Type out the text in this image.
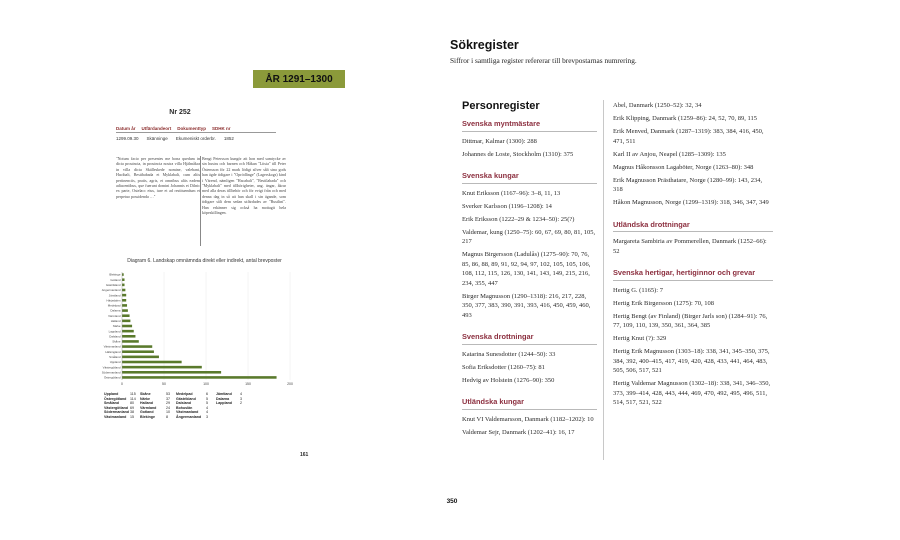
ÅR 1291–1300
Nr 252
Datum år Utfärdandeort Dokumenttyp SDHK nr
1299.09.30 Skänninge Ekumeniskt orderbr. 1852
"Notum facio per presentes me bona quedam in dicta prouincia, in prouincia nostra villa Hjälmåkra in villa dicta Skälleskede nomine, valebant, Hacibalt, Bestibabada et Myklabalt, cum aliis pertinenciis, pratis, agris, et omnibus aliis eadem adiacentibus, que fuerunt domini Johannis et Dilnic ex parte, Ostelacc eius, iure et ad restituendum et perpetuo possidenda …"
Bengt Petersson kungör att hon med samtycke av sin hustru och barnen och Håkan "Litsia" till Peter Östensson för 22 mark lödigt silver sålt sina gods han ägde tidigare i "Oprödlinge" (Lagerskogs) kind i Värend, nämligen "Hacabalt", "Bestilabada" och "Myklabalt" med tillhörigheter, ang. ängar, åkrar med alla deras tillbehör och för evigt från och med denna dag in så att han skall i sin ägande, som tidigare sålt dem sedan utfärdades av "Rustlini". Han erkänner sig också ha mottagit hela köpeskillingen.
Diagram 6. Landskap omnämnda direkt eller indirekt, antal brevposter
0	50	100	150	200
Blekinge
Gotland
Gästrikland
Angermanland
Jämtland
Härjedalen
Medelpad
Dalarna
Värmland
Halland
Närke
Lappland
Dalsland
Skåne
Västmanland
Hälsingland
Småland
Uppland
Västergötland
Södermanland
Östergötland
Uppland	115	Skåne	53	Medelpad	6	Jämtland	4
Östergötland	114	Närke	37	Gästrikland	5	Dalarna	3
Småland	80	Halland	29	Dalsland	5	Lappland	2
Västergötland 69	Värmland	24	Bohuslän	4
Södermanland 38	Gotland	10	Västmanland	4
Västmanland	15	Blekinge	8	Ångermanland	3
161
Sökregister
Siffror i samtliga register refererar till brevpostarnas numrering.
Personregister
Svenska myntmästare
Dittmar, Kalmar (1300): 288
Johannes de Loste, Stockholm (1310): 375
Svenska kungar
Knut Eriksson (1167–96): 3–8, 11, 13
Sverker Karlsson (1196–1208): 14
Erik Eriksson (1222–29 & 1234–50): 25(?)
Valdemar, kung (1250–75): 60, 67, 69, 80, 81, 105, 217
Magnus Birgersson (Ladulås) (1275–90): 70, 76, 85, 86, 88, 89, 91, 92, 94, 97, 102, 105, 105, 106, 108, 112, 115, 126, 130, 141, 143, 149, 215, 216, 234, 355, 447
Birger Magnusson (1290–1318): 216, 217, 228, 350, 377, 383, 390, 391, 393, 416, 450, 459, 460, 493
Svenska drottningar
Katarina Sunesdotter (1244–50): 33
Sofia Eriksdotter (1260–75): 81
Hedvig av Holstein (1276–90): 350
Utländska kungar
Knut VI Valdemarsson, Danmark (1182–1202): 10
Valdemar Sejr, Danmark (1202–41): 16, 17
Abel, Danmark (1250–52): 32, 34
Erik Klipping, Danmark (1259–86): 24, 52, 70, 89, 115
Erik Menved, Danmark (1287–1319): 383, 384, 416, 450, 471, 511
Karl II av Anjou, Neapel (1285–1309): 135
Magnus Håkonsson Lagaböter, Norge (1263–80): 348
Erik Magnusson Prästhatare, Norge (1280–99): 143, 234, 318
Håkon Magnusson, Norge (1299–1319): 318, 346, 347, 349
Utländska drottningar
Margareta Sambiria av Pommerellen, Danmark (1252–66): 52
Svenska hertigar, hertiginnor och grevar
Hertig G. (1165): 7
Hertig Erik Birgersson (1275): 70, 108
Hertig Bengt (av Finland) (Birger Jarls son) (1284–91): 76, 77, 109, 110, 139, 350, 361, 364, 385
Hertig Knut (?): 329
Hertig Erik Magnusson (1303–18): 338, 341, 345–350, 375, 384, 392, 400–415, 417, 419, 420, 428, 433, 441, 464, 483, 505, 506, 517, 521
Hertig Valdemar Magnusson (1302–18): 338, 341, 346–350, 373, 399–414, 428, 443, 444, 469, 470, 492, 495, 496, 511, 514, 517, 521, 522
350
